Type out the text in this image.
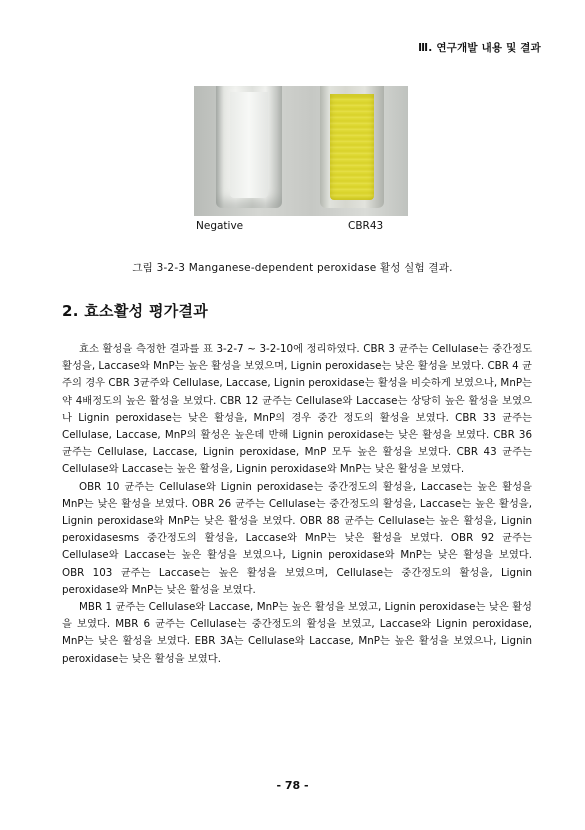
Ⅲ. 연구개발 내용 및 결과
Negative	CBR43
그림 3-2-3 Manganese-dependent peroxidase 활성 실험 결과.
2. 효소활성 평가결과

효소 활성을 측정한 결과를 표 3-2-7 ~ 3-2-10에 정리하였다. CBR 3 균주는 Cellulase는 중간정도 활성을, Laccase와 MnP는 높은 활성을 보였으며, Lignin peroxidase는 낮은 활성을 보였다. CBR 4 균주의 경우 CBR 3균주와 Cellulase, Laccase, Lignin peroxidase는 활성을 비슷하게 보였으나, MnP는 약 4배정도의 높은 활성을 보였다. CBR 12 균주는 Cellulase와 Laccase는 상당히 높은 활성을 보였으나 Lignin peroxidase는 낮은 활성을, MnP의 경우 중간 정도의 활성을 보였다. CBR 33 균주는 Cellulase, Laccase, MnP의 활성은 높은데 반해 Lignin peroxidase는 낮은 활성을 보였다. CBR 36 균주는 Cellulase, Laccase, Lignin peroxidase, MnP 모두 높은 활성을 보였다. CBR 43 균주는 Cellulase와 Laccase는 높은 활성을, Lignin peroxidase와 MnP는 낮은 활성을 보였다.

OBR 10 균주는 Cellulase와 Lignin peroxidase는 중간정도의 활성을, Laccase는 높은 활성을 MnP는 낮은 활성을 보였다. OBR 26 균주는 Cellulase는 중간정도의 활성을, Laccase는 높은 활성을, Lignin peroxidase와 MnP는 낮은 활성을 보였다. OBR 88 균주는 Cellulase는 높은 활성을, Lignin peroxidasesms 중간정도의 활성을, Laccase와 MnP는 낮은 활성을 보였다. OBR 92 균주는 Cellulase와 Laccase는 높은 활성을 보였으나, Lignin peroxidase와 MnP는 낮은 활성을 보였다. OBR 103 균주는 Laccase는 높은 활성을 보였으며, Cellulase는 중간정도의 활성을, Lignin peroxidase와 MnP는 낮은 활성을 보였다.

MBR 1 균주는 Cellulase와 Laccase, MnP는 높은 활성을 보였고, Lignin peroxidase는 낮은 활성을 보였다. MBR 6 균주는 Cellulase는 중간정도의 활성을 보였고, Laccase와 Lignin peroxidase, MnP는 낮은 활성을 보였다. EBR 3A는 Cellulase와 Laccase, MnP는 높은 활성을 보였으나, Lignin peroxidase는 낮은 활성을 보였다.

- 78 -
